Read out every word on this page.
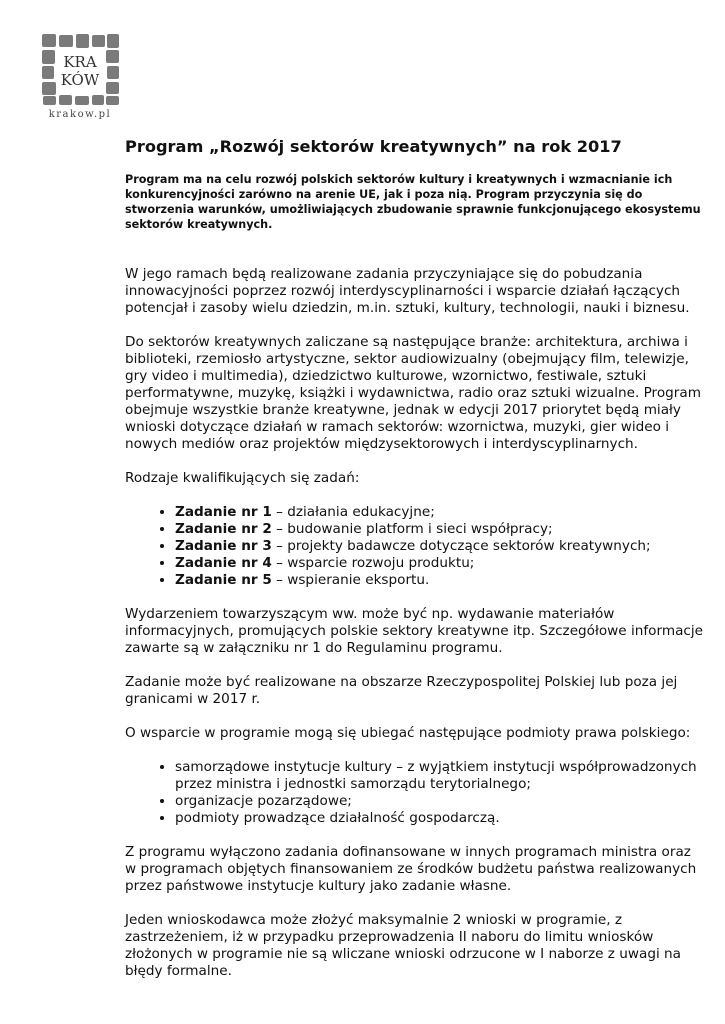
KRA
KÓW
krakow.pl
Program „Rozwój sektorów kreatywnych” na rok 2017
Program ma na celu rozwój polskich sektorów kultury i kreatywnych i wzmacnianie ich konkurencyjności zarówno na arenie UE, jak i poza nią. Program przyczynia się do stworzenia warunków, umożliwiających zbudowanie sprawnie funkcjonującego ekosystemu sektorów kreatywnych.

W jego ramach będą realizowane zadania przyczyniające się do pobudzania innowacyjności poprzez rozwój interdyscyplinarności i wsparcie działań łączących potencjał i zasoby wielu dziedzin, m.in. sztuki, kultury, technologii, nauki i biznesu.

Do sektorów kreatywnych zaliczane są następujące branże: architektura, archiwa i biblioteki, rzemiosło artystyczne, sektor audiowizualny (obejmujący film, telewizje, gry video i multimedia), dziedzictwo kulturowe, wzornictwo, festiwale, sztuki performatywne, muzykę, książki i wydawnictwa, radio oraz sztuki wizualne. Program obejmuje wszystkie branże kreatywne, jednak w edycji 2017 priorytet będą miały wnioski dotyczące działań w ramach sektorów: wzornictwa, muzyki, gier wideo i nowych mediów oraz projektów międzysektorowych i interdyscyplinarnych.

Rodzaje kwalifikujących się zadań:

• Zadanie nr 1 – działania edukacyjne;
• Zadanie nr 2 – budowanie platform i sieci współpracy;
• Zadanie nr 3 – projekty badawcze dotyczące sektorów kreatywnych;
• Zadanie nr 4 – wsparcie rozwoju produktu;
• Zadanie nr 5 – wspieranie eksportu.

Wydarzeniem towarzyszącym ww. może być np. wydawanie materiałów informacyjnych, promujących polskie sektory kreatywne itp. Szczegółowe informacje zawarte są w załączniku nr 1 do Regulaminu programu.

Zadanie może być realizowane na obszarze Rzeczypospolitej Polskiej lub poza jej granicami w 2017 r.

O wsparcie w programie mogą się ubiegać następujące podmioty prawa polskiego:

• samorządowe instytucje kultury – z wyjątkiem instytucji współprowadzonych przez ministra i jednostki samorządu terytorialnego;
• organizacje pozarządowe;
• podmioty prowadzące działalność gospodarczą.

Z programu wyłączono zadania dofinansowane w innych programach ministra oraz w programach objętych finansowaniem ze środków budżetu państwa realizowanych przez państwowe instytucje kultury jako zadanie własne.

Jeden wnioskodawca może złożyć maksymalnie 2 wnioski w programie, z zastrzeżeniem, iż w przypadku przeprowadzenia II naboru do limitu wniosków złożonych w programie nie są wliczane wnioski odrzucone w I naborze z uwagi na błędy formalne.
